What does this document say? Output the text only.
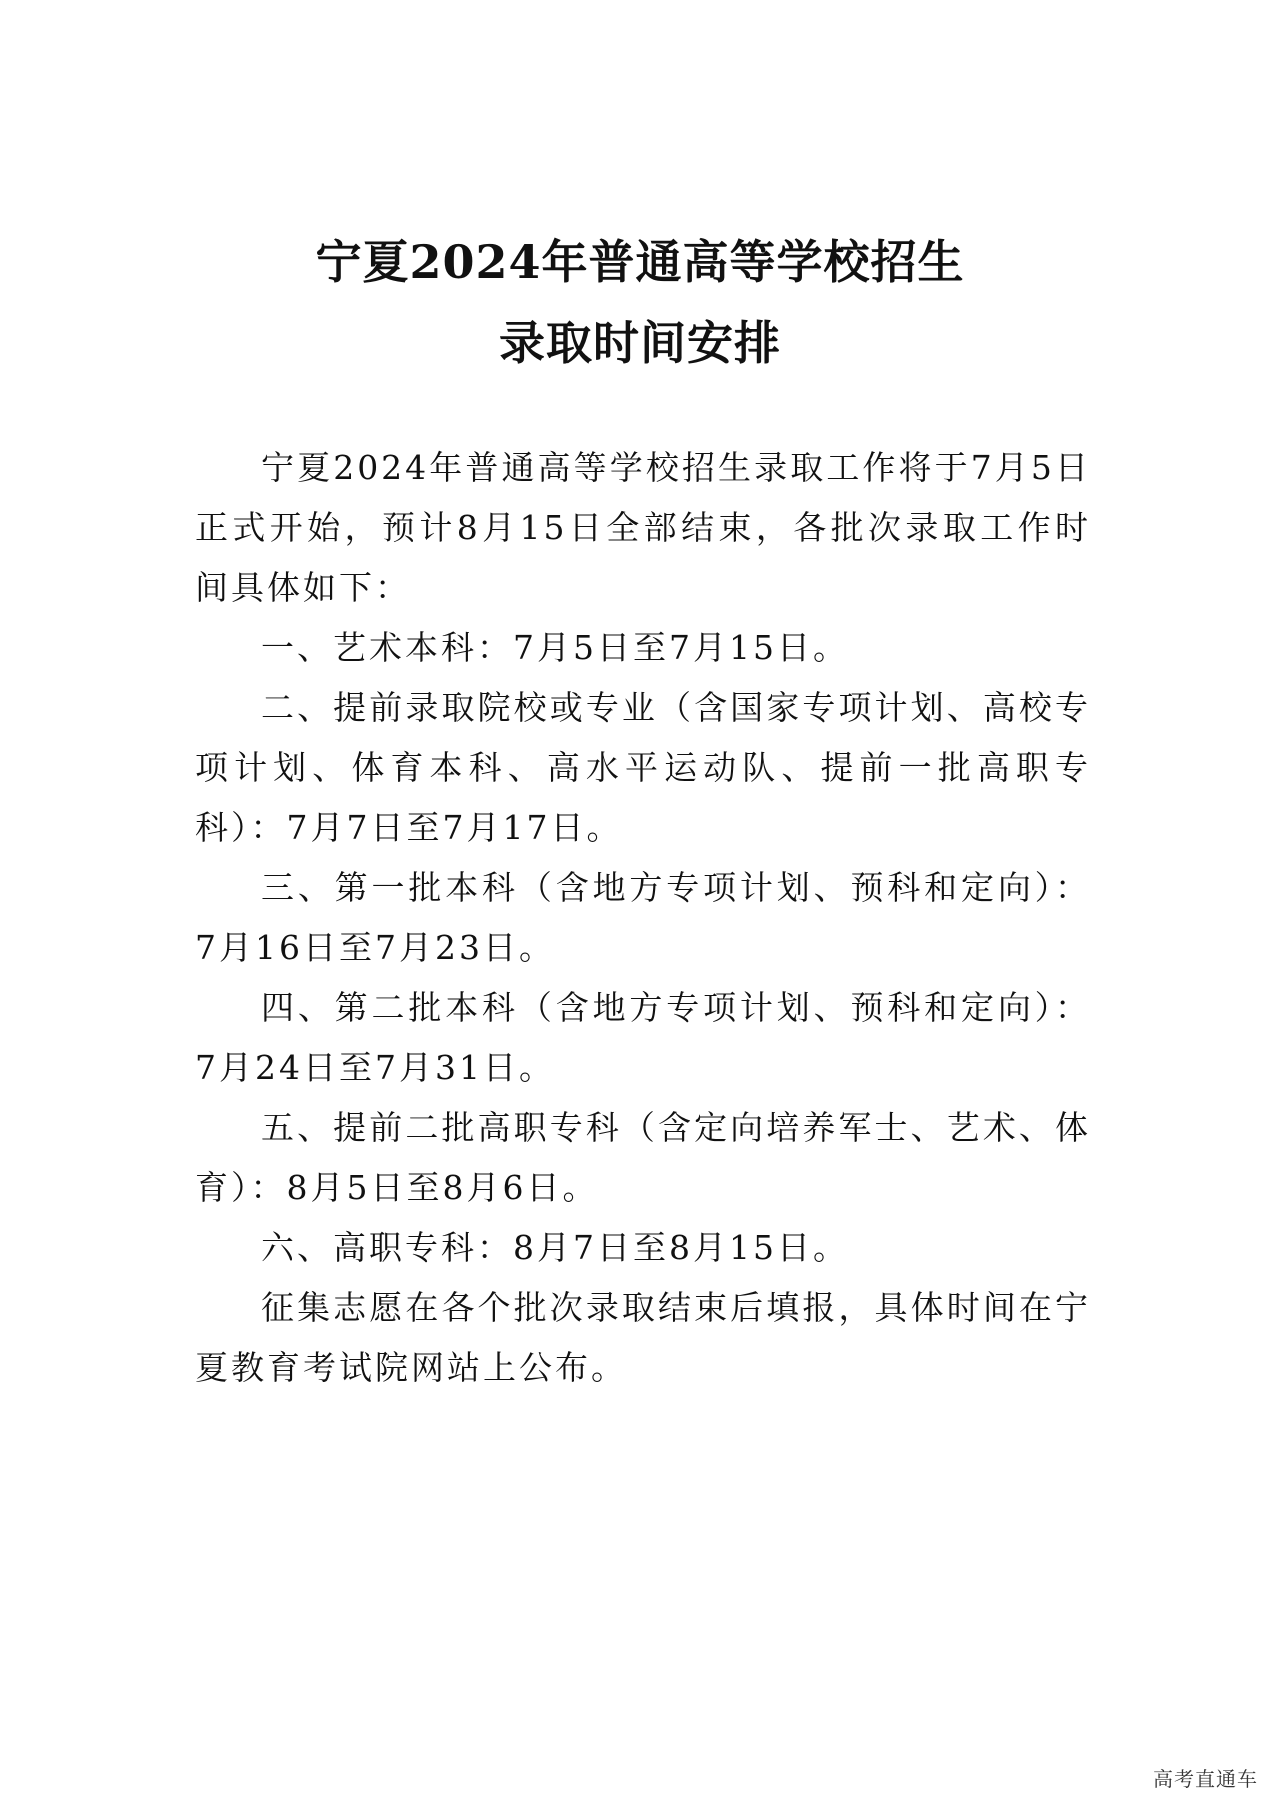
宁夏2024年普通高等学校招生
录取时间安排

宁夏2024年普通高等学校招生录取工作将于7月5日正式开始，预计8月15日全部结束，各批次录取工作时间具体如下：

一、艺术本科：7月5日至7月15日。

二、提前录取院校或专业（含国家专项计划、高校专项计划、体育本科、高水平运动队、提前一批高职专科）：7月7日至7月17日。

三、第一批本科（含地方专项计划、预科和定向）：7月16日至7月23日。

四、第二批本科（含地方专项计划、预科和定向）：7月24日至7月31日。

五、提前二批高职专科（含定向培养军士、艺术、体育）：8月5日至8月6日。

六、高职专科：8月7日至8月15日。

征集志愿在各个批次录取结束后填报，具体时间在宁夏教育考试院网站上公布。

高考直通车
